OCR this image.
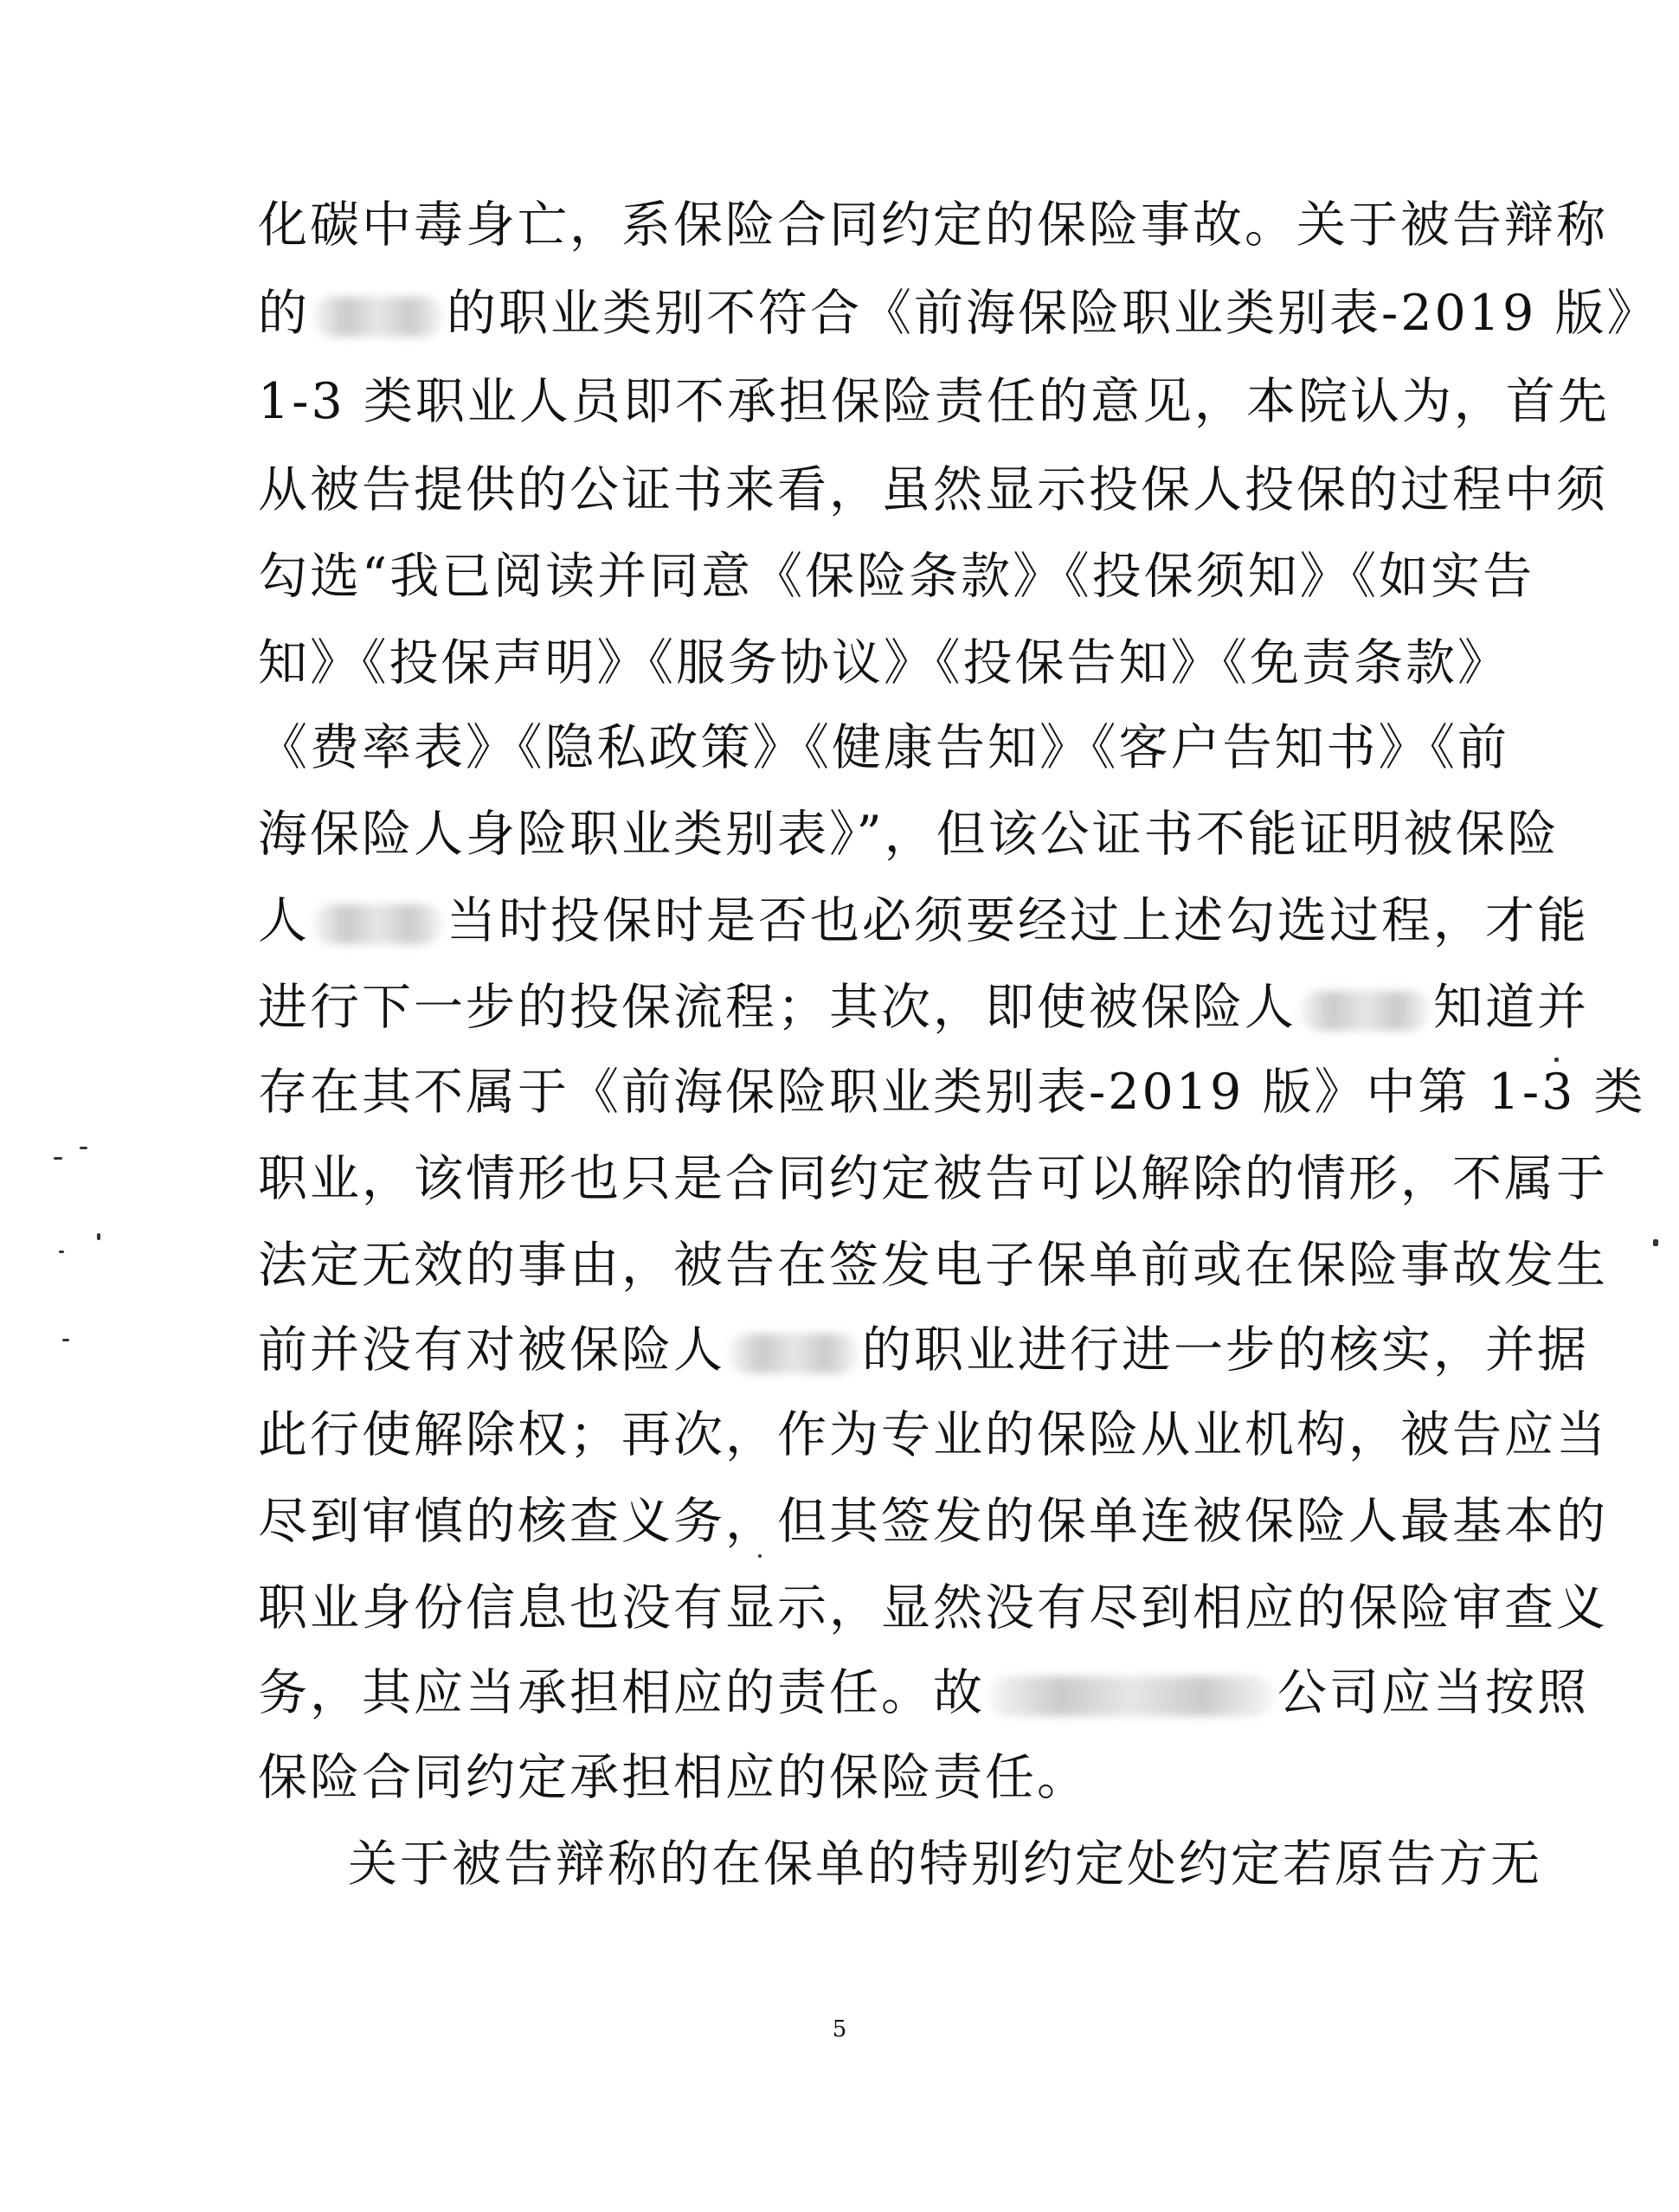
化碳中毒身亡，系保险合同约定的保险事故。关于被告辩称
的	的职业类别不符合《前海保险职业类别表-2019 版》
1-3 类职业人员即不承担保险责任的意见，本院认为，首先
从被告提供的公证书来看，虽然显示投保人投保的过程中须
勾选“我已阅读并同意《保险条款》《投保须知》《如实告
知》《投保声明》《服务协议》《投保告知》《免责条款》
《费率表》《隐私政策》《健康告知》《客户告知书》《前
海保险人身险职业类别表》”，但该公证书不能证明被保险
人	当时投保时是否也必须要经过上述勾选过程，才能
进行下一步的投保流程；其次，即使被保险人	知道并
存在其不属于《前海保险职业类别表-2019 版》中第 1-3 类
职业，该情形也只是合同约定被告可以解除的情形，不属于
法定无效的事由，被告在签发电子保单前或在保险事故发生
前并没有对被保险人	的职业进行进一步的核实，并据
此行使解除权；再次，作为专业的保险从业机构，被告应当
尽到审慎的核查义务，但其签发的保单连被保险人最基本的
职业身份信息也没有显示，显然没有尽到相应的保险审查义
务，其应当承担相应的责任。故	公司应当按照
保险合同约定承担相应的保险责任。
关于被告辩称的在保单的特别约定处约定若原告方无
5
